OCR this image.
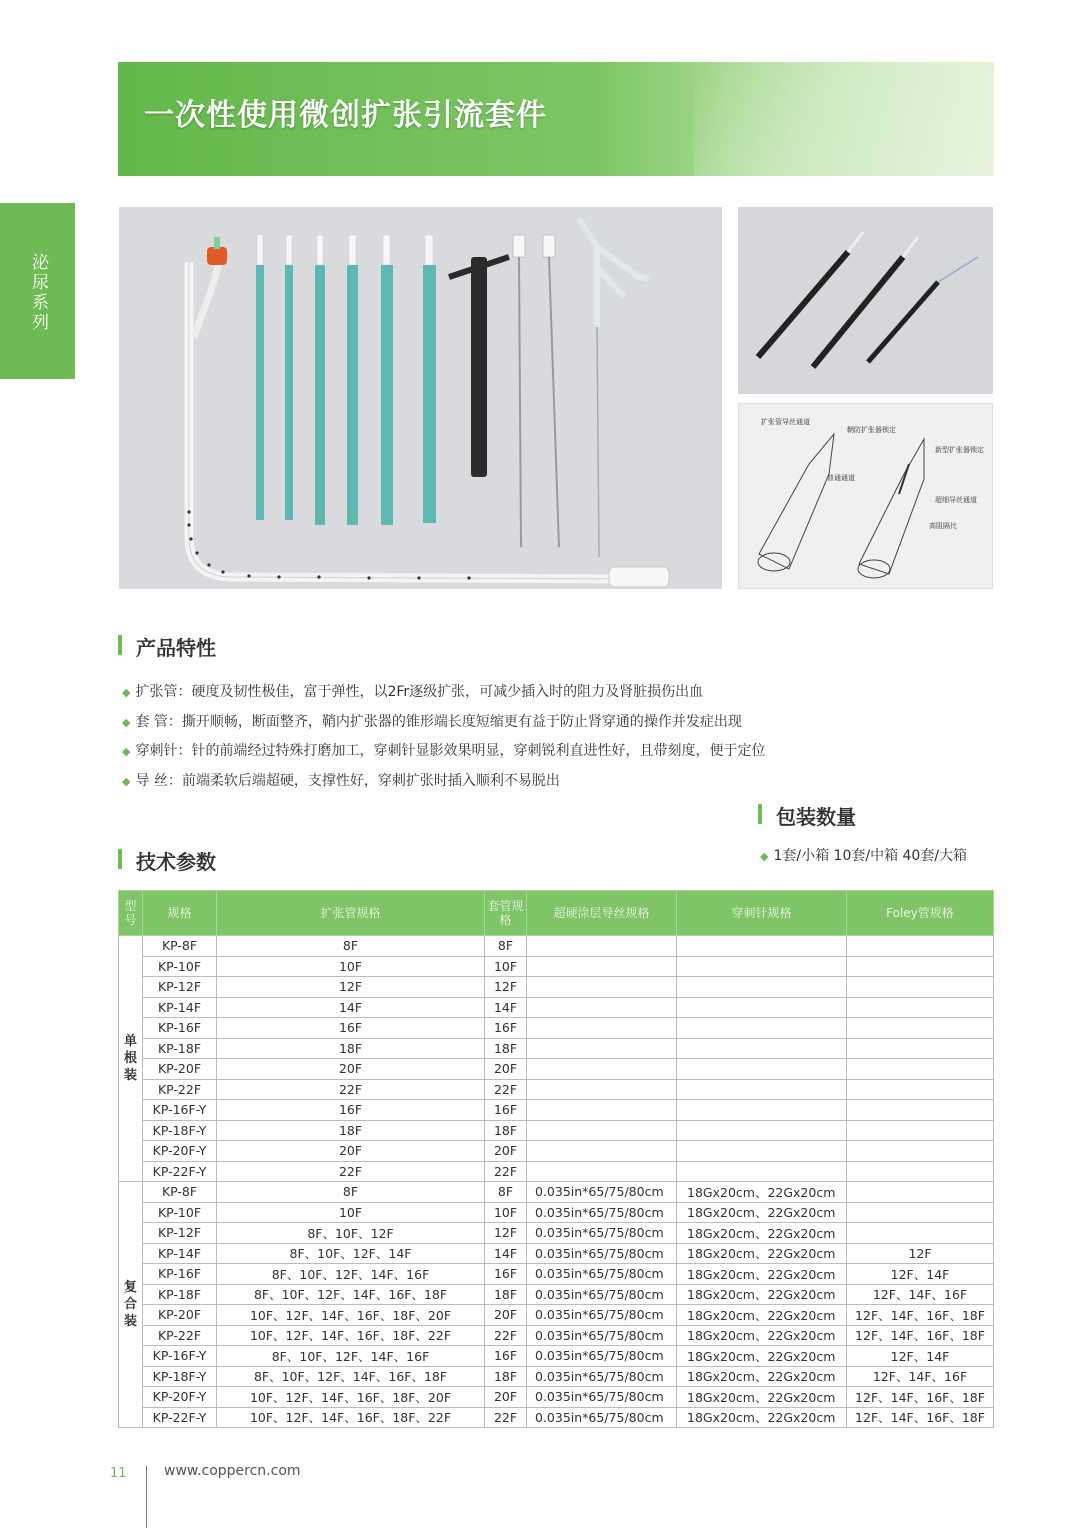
一次性使用微创扩张引流套件
泌尿系列
扩张管导丝通道
鞘防扩张器锁定
普通通道
新型扩张器锁定
超细导丝通道
高阻隔比
产品特性
◆ 扩张管：硬度及韧性极佳，富于弹性，以2Fr逐级扩张，可减少插入时的阻力及肾脏损伤出血
◆ 套 管：撕开顺畅，断面整齐，鞘内扩张器的锥形端长度短缩更有益于防止肾穿通的操作并发症出现
◆ 穿刺针：针的前端经过特殊打磨加工，穿刺针显影效果明显，穿刺锐利直进性好，且带刻度，便于定位
◆ 导 丝：前端柔软后端超硬，支撑性好，穿刺扩张时插入顺利不易脱出
包装数量
◆ 1套/小箱 10套/中箱 40套/大箱
技术参数
型号	规格	扩张管规格	套管规格	超硬涂层导丝规格	穿刺针规格	Foley管规格
单根装	KP-8F	8F	8F			
	KP-10F	10F	10F			
	KP-12F	12F	12F			
	KP-14F	14F	14F			
	KP-16F	16F	16F			
	KP-18F	18F	18F			
	KP-20F	20F	20F			
	KP-22F	22F	22F			
	KP-16F-Y	16F	16F			
	KP-18F-Y	18F	18F			
	KP-20F-Y	20F	20F			
	KP-22F-Y	22F	22F			
复合装	KP-8F	8F	8F	0.035in*65/75/80cm	18Gx20cm、22Gx20cm	
	KP-10F	10F	10F	0.035in*65/75/80cm	18Gx20cm、22Gx20cm	
	KP-12F	8F、10F、12F	12F	0.035in*65/75/80cm	18Gx20cm、22Gx20cm	
	KP-14F	8F、10F、12F、14F	14F	0.035in*65/75/80cm	18Gx20cm、22Gx20cm	12F
	KP-16F	8F、10F、12F、14F、16F	16F	0.035in*65/75/80cm	18Gx20cm、22Gx20cm	12F、14F
	KP-18F	8F、10F、12F、14F、16F、18F	18F	0.035in*65/75/80cm	18Gx20cm、22Gx20cm	12F、14F、16F
	KP-20F	10F、12F、14F、16F、18F、20F	20F	0.035in*65/75/80cm	18Gx20cm、22Gx20cm	12F、14F、16F、18F
	KP-22F	10F、12F、14F、16F、18F、22F	22F	0.035in*65/75/80cm	18Gx20cm、22Gx20cm	12F、14F、16F、18F
	KP-16F-Y	8F、10F、12F、14F、16F	16F	0.035in*65/75/80cm	18Gx20cm、22Gx20cm	12F、14F
	KP-18F-Y	8F、10F、12F、14F、16F、18F	18F	0.035in*65/75/80cm	18Gx20cm、22Gx20cm	12F、14F、16F
	KP-20F-Y	10F、12F、14F、16F、18F、20F	20F	0.035in*65/75/80cm	18Gx20cm、22Gx20cm	12F、14F、16F、18F
	KP-22F-Y	10F、12F、14F、16F、18F、22F	22F	0.035in*65/75/80cm	18Gx20cm、22Gx20cm	12F、14F、16F、18F
11	www.coppercn.com
